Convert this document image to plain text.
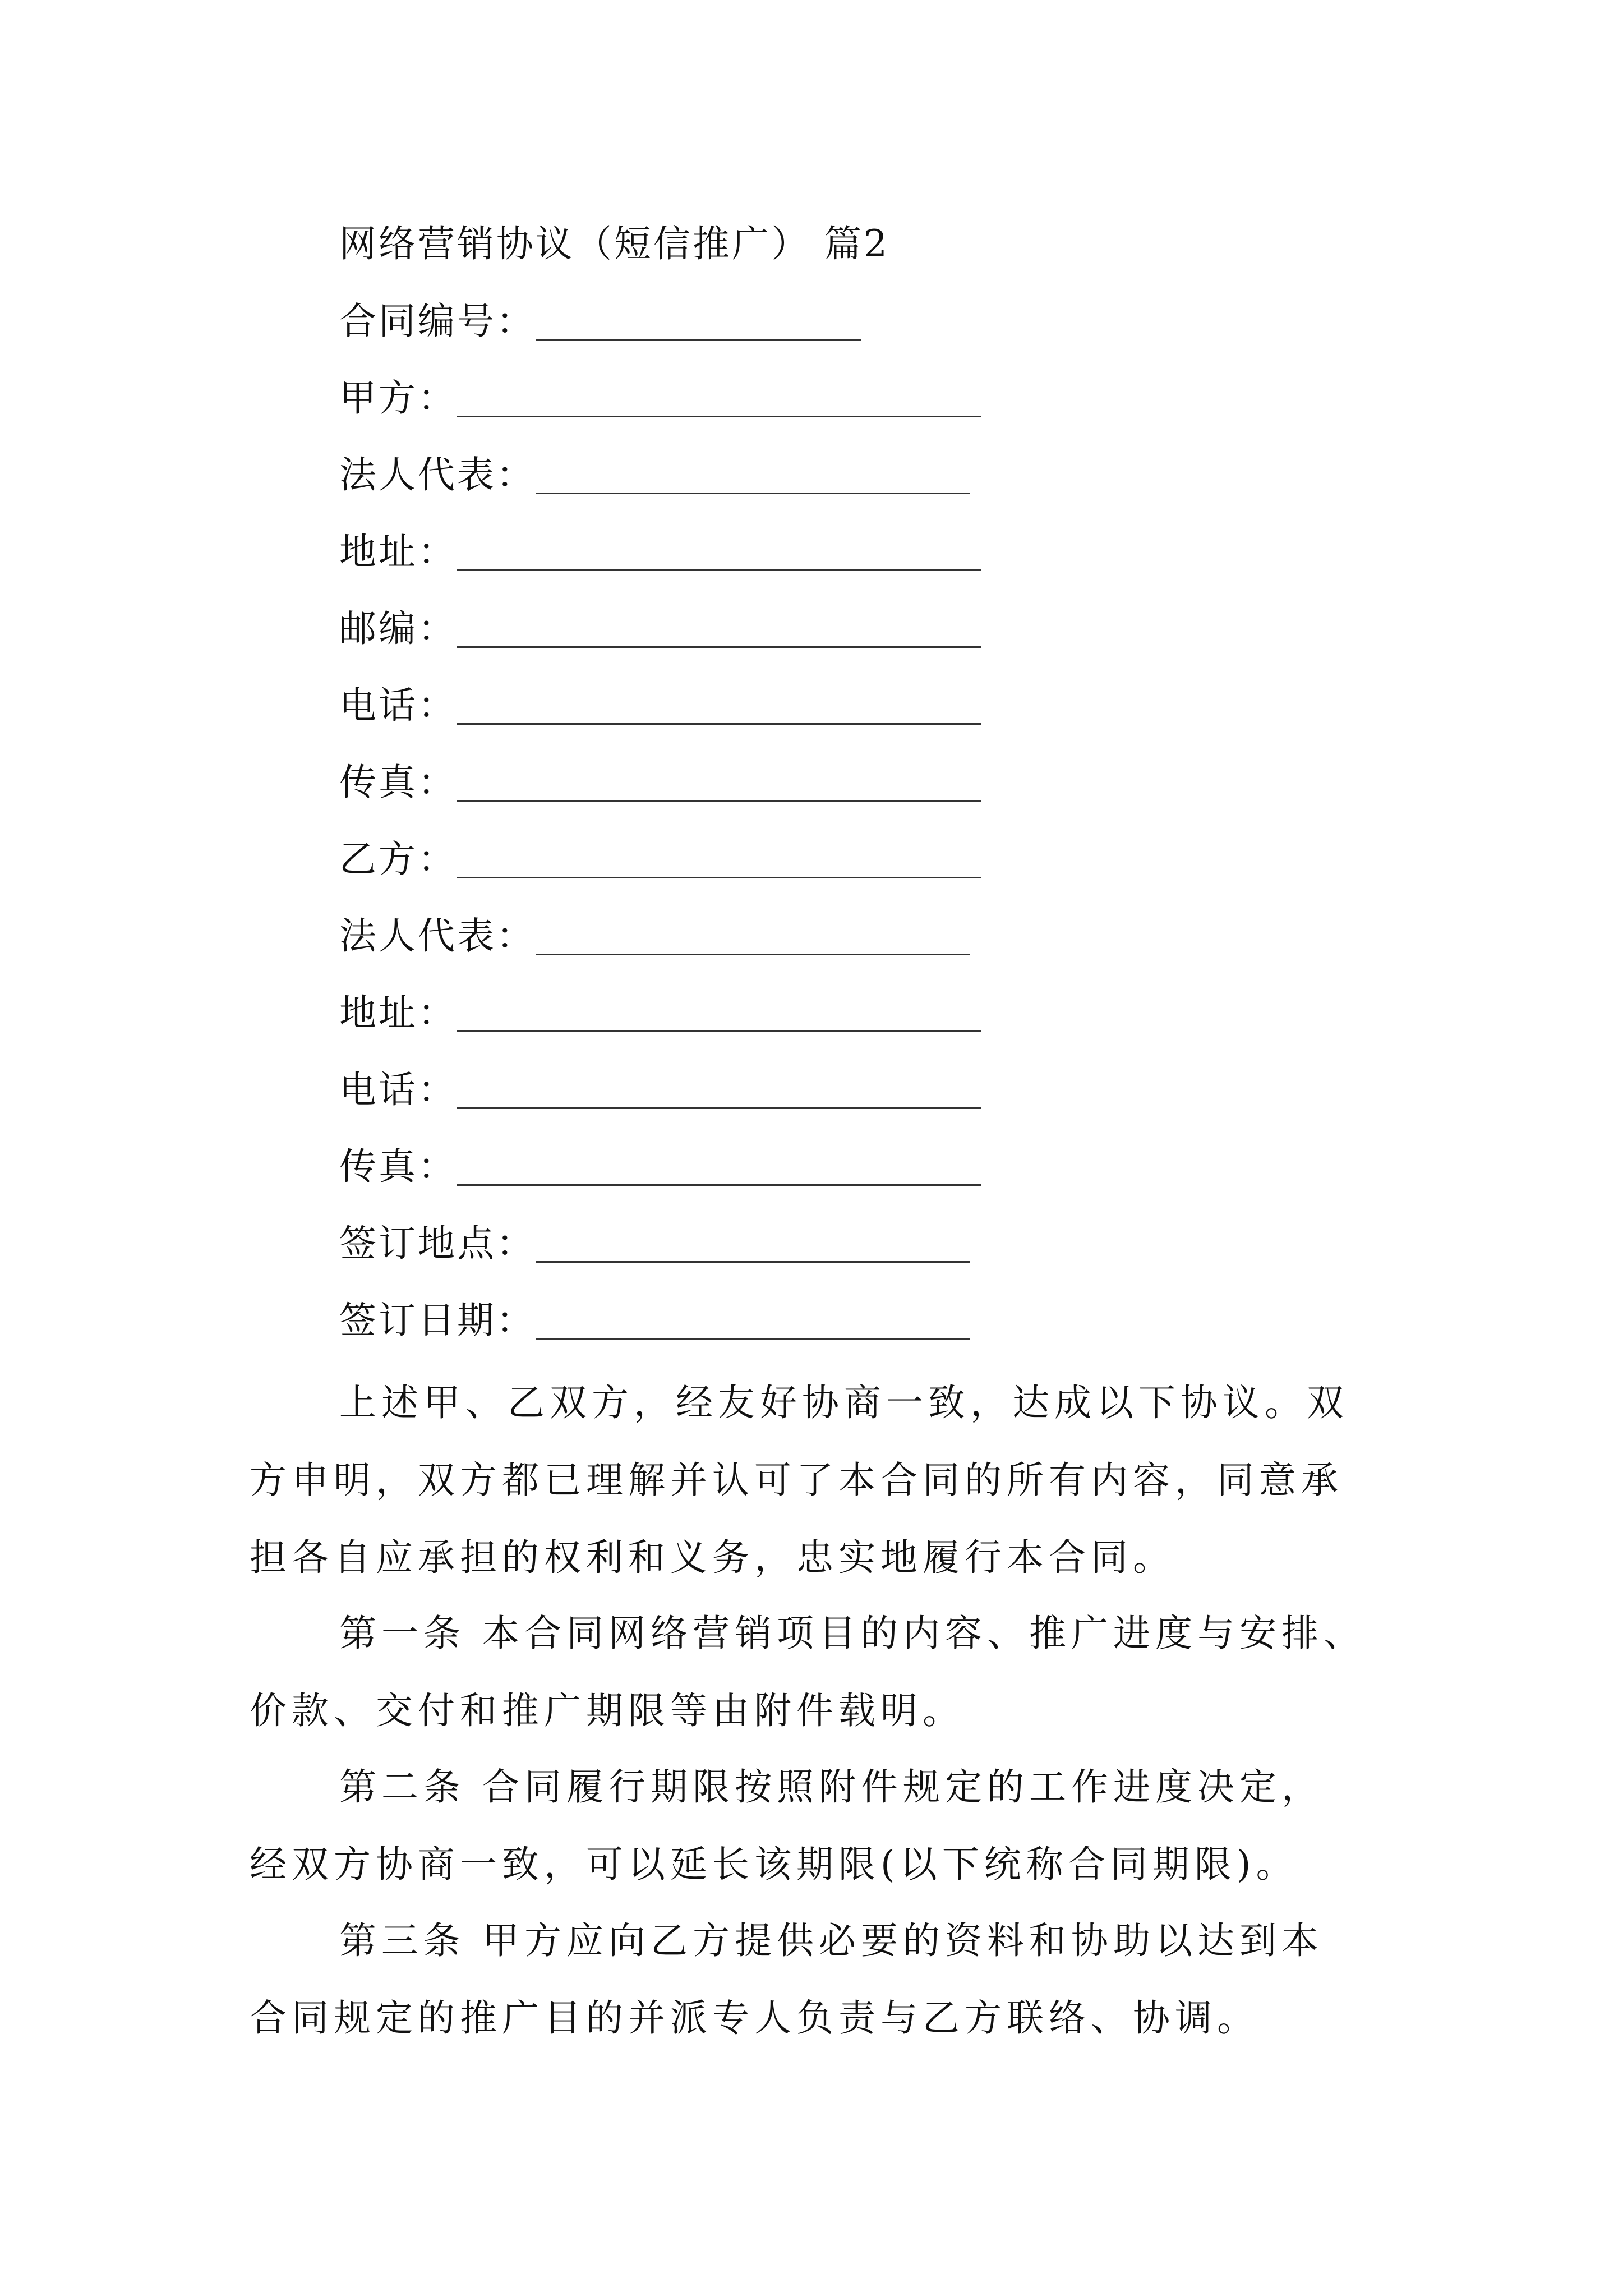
网络营销协议（短信推广） 篇2
合同编号：
甲方：
法人代表：
地址：
邮编：
电话：
传真：
乙方：
法人代表：
地址：
电话：
传真：
签订地点：
签订日期：
上述甲、乙双方，经友好协商一致，达成以下协议。双
方申明，双方都已理解并认可了本合同的所有内容，同意承
担各自应承担的权利和义务，忠实地履行本合同。
第一条 本合同网络营销项目的内容、推广进度与安排、
价款、交付和推广期限等由附件载明。
第二条 合同履行期限按照附件规定的工作进度决定，
经双方协商一致，可以延长该期限(以下统称合同期限)。
第三条 甲方应向乙方提供必要的资料和协助以达到本
合同规定的推广目的并派专人负责与乙方联络、协调。
